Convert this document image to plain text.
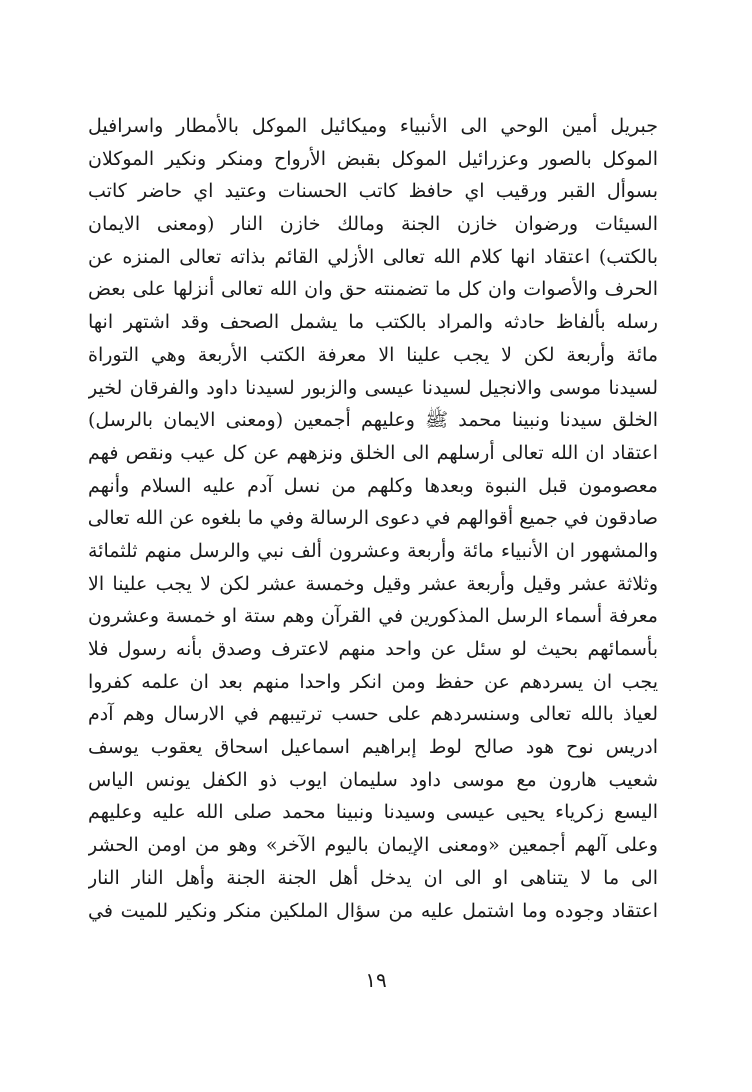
جبريل أمين الوحي الى الأنبياء وميكائيل الموكل بالأمطار واسرافيل
الموكل بالصور وعزرائيل الموكل بقبض الأرواح ومنكر ونكير الموكلان
بسوأل القبر ورقيب اي حافظ كاتب الحسنات وعتيد اي حاضر كاتب
السيئات ورضوان خازن الجنة ومالك خازن النار (ومعنى الايمان
بالكتب) اعتقاد انها كلام الله تعالى الأزلي القائم بذاته تعالى المنزه عن
الحرف والأصوات وان كل ما تضمنته حق وان الله تعالى أنزلها على بعض
رسله بألفاظ حادثه والمراد بالكتب ما يشمل الصحف وقد اشتهر انها
مائة وأربعة لكن لا يجب علينا الا معرفة الكتب الأربعة وهي التوراة
لسيدنا موسى والانجيل لسيدنا عيسى والزبور لسيدنا داود والفرقان لخير
الخلق سيدنا ونبينا محمد ﷺ وعليهم أجمعين (ومعنى الايمان بالرسل)
اعتقاد ان الله تعالى أرسلهم الى الخلق ونزههم عن كل عيب ونقص فهم
معصومون قبل النبوة وبعدها وكلهم من نسل آدم عليه السلام وأنهم
صادقون في جميع أقوالهم في دعوى الرسالة وفي ما بلغوه عن الله تعالى
والمشهور ان الأنبياء مائة وأربعة وعشرون ألف نبي والرسل منهم ثلثمائة
وثلاثة عشر وقيل وأربعة عشر وقيل وخمسة عشر لكن لا يجب علينا الا
معرفة أسماء الرسل المذكورين في القرآن وهم ستة او خمسة وعشرون
بأسمائهم بحيث لو سئل عن واحد منهم لاعترف وصدق بأنه رسول فلا
يجب ان يسردهم عن حفظ ومن انكر واحدا منهم بعد ان علمه كفروا
لعياذ بالله تعالى وسنسردهم على حسب ترتيبهم في الارسال وهم آدم
ادريس نوح هود صالح لوط إبراهيم اسماعيل اسحاق يعقوب يوسف
شعيب هارون مع موسى داود سليمان ايوب ذو الكفل يونس الياس
اليسع زكرياء يحيى عيسى وسيدنا ونبينا محمد صلى الله عليه وعليهم
وعلى آلهم أجمعين «ومعنى الإيمان باليوم الآخر» وهو من اومن الحشر
الى ما لا يتناهى او الى ان يدخل أهل الجنة الجنة وأهل النار النار
اعتقاد وجوده وما اشتمل عليه من سؤال الملكين منكر ونكير للميت في
١٩
